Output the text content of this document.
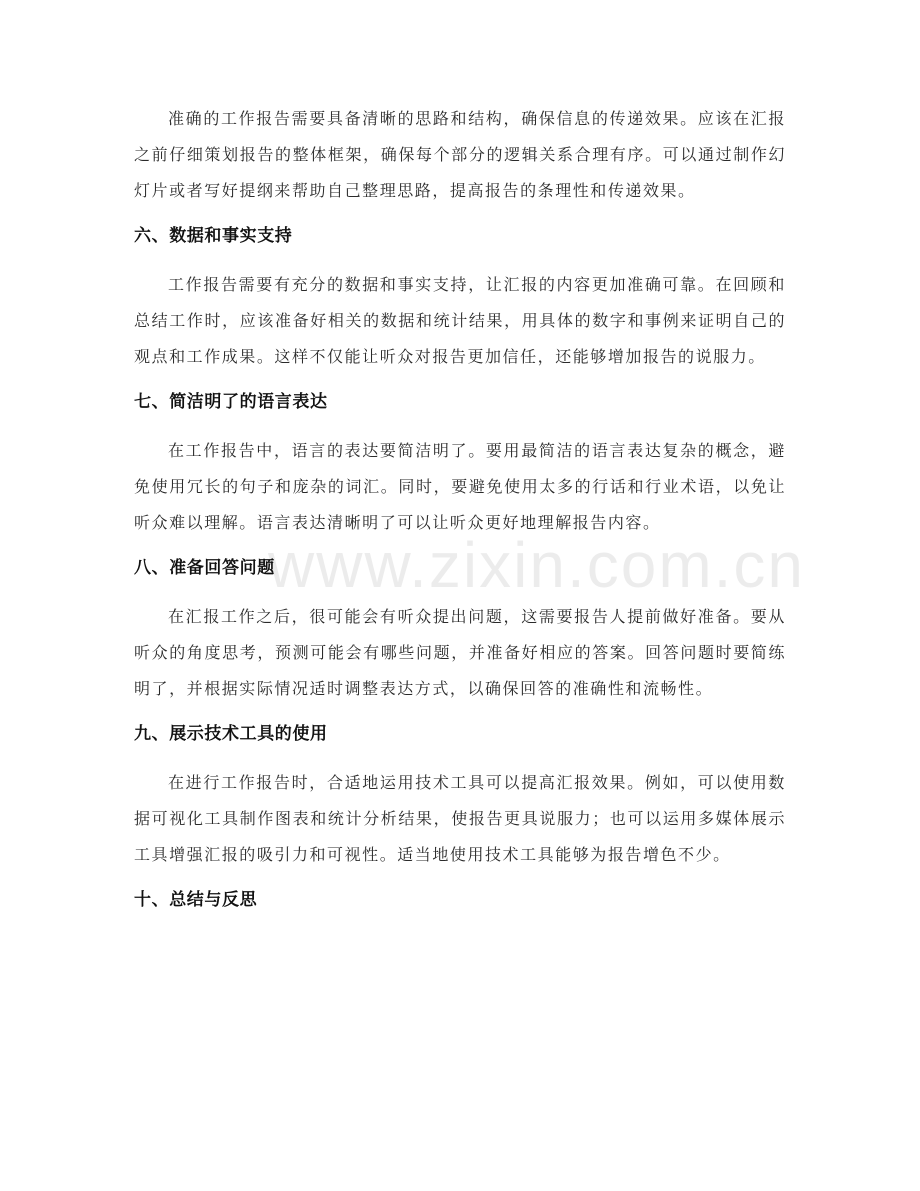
准确的工作报告需要具备清晰的思路和结构，确保信息的传递效果。应该在汇报之前仔细策划报告的整体框架，确保每个部分的逻辑关系合理有序。可以通过制作幻灯片或者写好提纲来帮助自己整理思路，提高报告的条理性和传递效果。

六、数据和事实支持

工作报告需要有充分的数据和事实支持，让汇报的内容更加准确可靠。在回顾和总结工作时，应该准备好相关的数据和统计结果，用具体的数字和事例来证明自己的观点和工作成果。这样不仅能让听众对报告更加信任，还能够增加报告的说服力。

七、简洁明了的语言表达

在工作报告中，语言的表达要简洁明了。要用最简洁的语言表达复杂的概念，避免使用冗长的句子和庞杂的词汇。同时，要避免使用太多的行话和行业术语，以免让听众难以理解。语言表达清晰明了可以让听众更好地理解报告内容。

八、准备回答问题

在汇报工作之后，很可能会有听众提出问题，这需要报告人提前做好准备。要从听众的角度思考，预测可能会有哪些问题，并准备好相应的答案。回答问题时要简练明了，并根据实际情况适时调整表达方式，以确保回答的准确性和流畅性。

九、展示技术工具的使用

在进行工作报告时，合适地运用技术工具可以提高汇报效果。例如，可以使用数据可视化工具制作图表和统计分析结果，使报告更具说服力；也可以运用多媒体展示工具增强汇报的吸引力和可视性。适当地使用技术工具能够为报告增色不少。

十、总结与反思
www.zixin.com.cn
